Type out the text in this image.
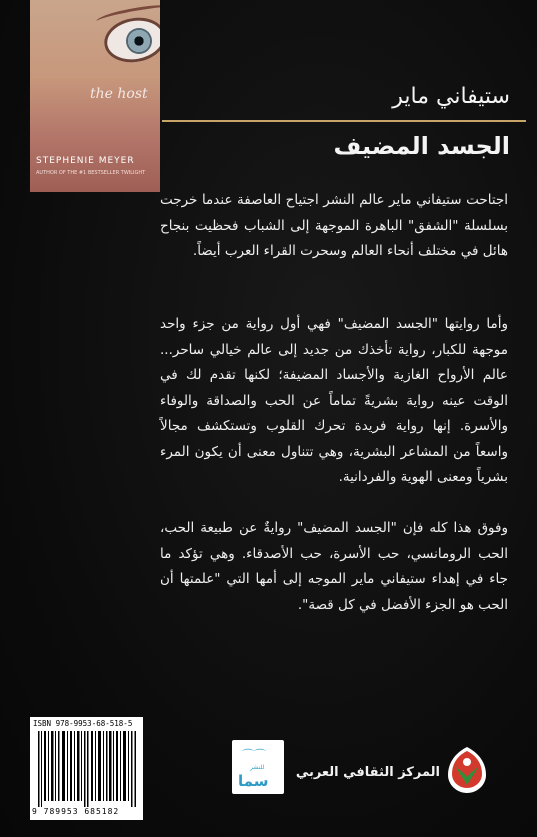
the host
STEPHENIE MEYER
AUTHOR OF THE #1 BESTSELLER TWILIGHT
ستيفاني ماير
الجسد المضيف
اجتاحت ستيفاني ماير عالم النشر اجتياح العاصفة عندما خرجت بسلسلة "الشفق" الباهرة الموجهة إلى الشباب فحظيت بنجاح هائل في مختلف أنحاء العالم وسحرت القراء العرب أيضاً.
وأما روايتها "الجسد المضيف" فهي أول رواية من جزء واحد موجهة للكبار، رواية تأخذك من جديد إلى عالم خيالي ساحر... عالم الأرواح الغازية والأجساد المضيفة؛ لكنها تقدم لك في الوقت عينه رواية بشريةً تماماً عن الحب والصداقة والوفاء والأسرة. إنها رواية فريدة تحرك القلوب وتستكشف مجالاً واسعاً من المشاعر البشرية، وهي تتناول معنى أن يكون المرء بشرياً ومعنى الهوية والفردانية.
وفوق هذا كله فإن "الجسد المضيف" روايةٌ عن طبيعة الحب، الحب الرومانسي، حب الأسرة، حب الأصدقاء. وهي تؤكد ما جاء في إهداء ستيفاني ماير الموجه إلى أمها التي "علمتها أن الحب هو الجزء الأفضل في كل قصة".
ISBN 978-9953-68-518-5
9 789953 685182
⌒⌒
للنشر
سما	المركز الثقافي العربي
